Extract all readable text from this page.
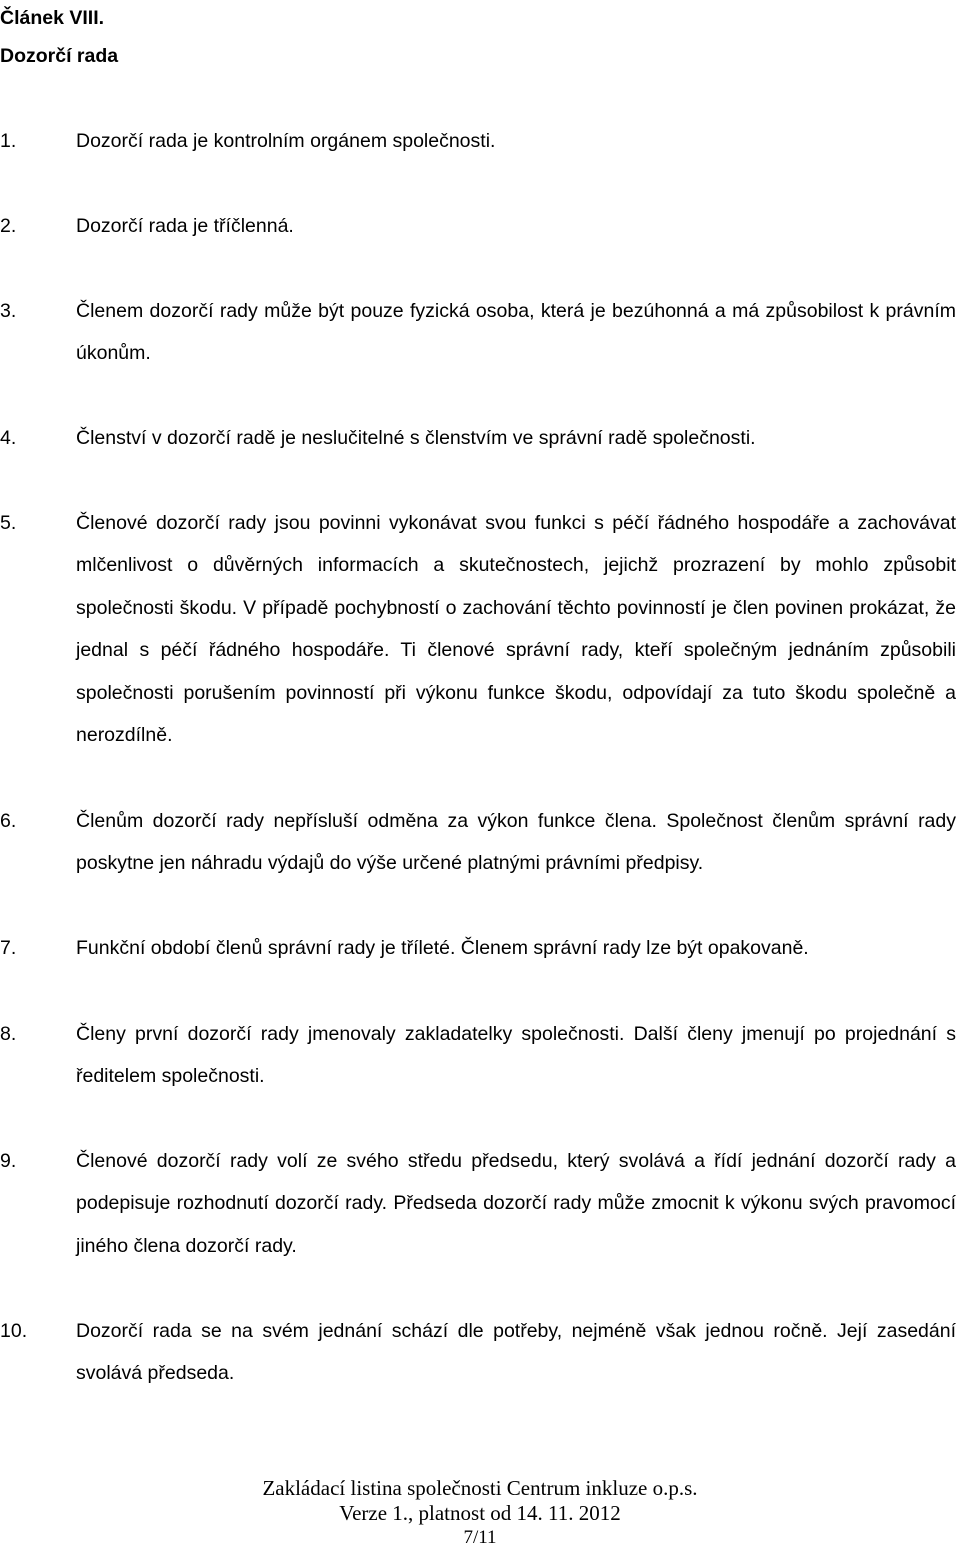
Článek VIII.
Dozorčí rada
1.	Dozorčí rada je kontrolním orgánem společnosti.
2.	Dozorčí rada je tříčlenná.
3.	Členem dozorčí rady může být pouze fyzická osoba, která je bezúhonná a má způsobilost k právním úkonům.
4.	Členství v dozorčí radě je neslučitelné s členstvím ve správní radě společnosti.
5.	Členové dozorčí rady jsou povinni vykonávat svou funkci s péčí řádného hospodáře a zachovávat mlčenlivost o důvěrných informacích a skutečnostech, jejichž prozrazení by mohlo způsobit společnosti škodu. V případě pochybností o zachování těchto povinností je člen povinen prokázat, že jednal s péčí řádného hospodáře. Ti členové správní rady, kteří společným jednáním způsobili společnosti porušením povinností při výkonu funkce škodu, odpovídají za tuto škodu společně a nerozdílně.
6.	Členům dozorčí rady nepřísluší odměna za výkon funkce člena. Společnost členům správní rady poskytne jen náhradu výdajů do výše určené platnými právními předpisy.
7.	Funkční období členů správní rady je tříleté. Členem správní rady lze být opakovaně.
8.	Členy první dozorčí rady jmenovaly zakladatelky společnosti. Další členy jmenují po projednání s ředitelem společnosti.
9.	Členové dozorčí rady volí ze svého středu předsedu, který svolává a řídí jednání dozorčí rady a podepisuje rozhodnutí dozorčí rady. Předseda dozorčí rady může zmocnit k výkonu svých pravomocí jiného člena dozorčí rady.
10.	Dozorčí rada se na svém jednání schází dle potřeby, nejméně však jednou ročně. Její zasedání svolává předseda.
Zakládací listina společnosti Centrum inkluze o.p.s.
Verze 1., platnost od 14. 11. 2012
7/11
